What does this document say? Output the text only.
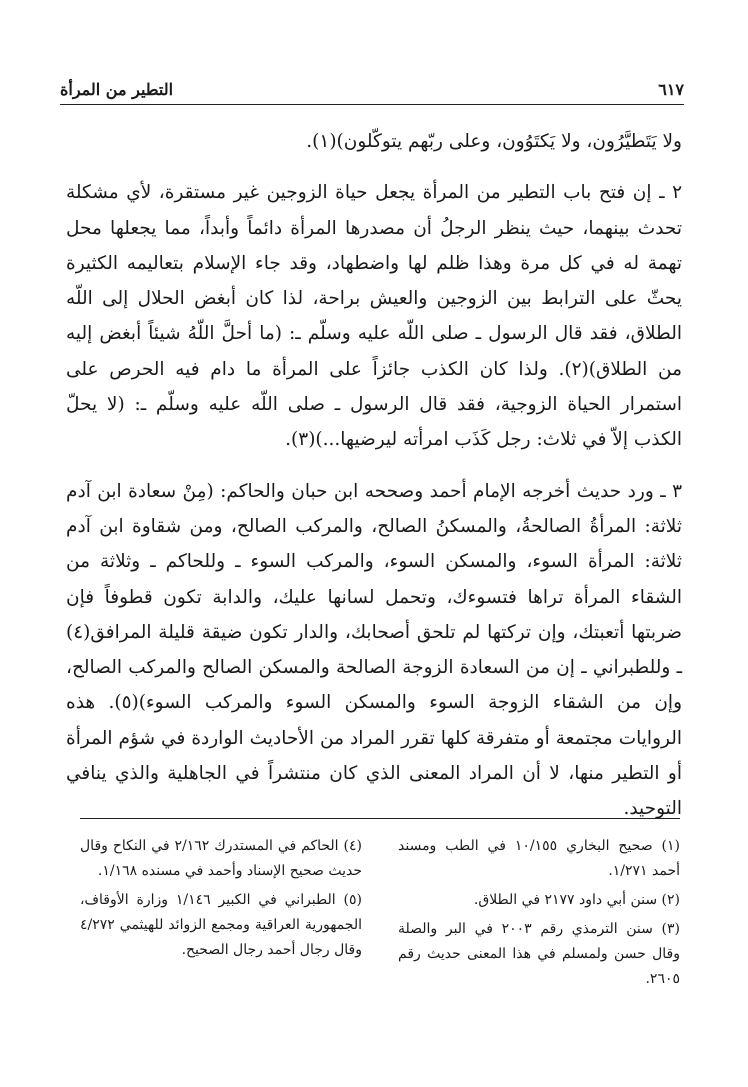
٦١٧
التطير من المرأة

ولا يَتَطيَّرُون، ولا يَكتَوُون، وعلى ربّهم يتوكّلون)(١).

٢ ـ إن فتح باب التطير من المرأة يجعل حياة الزوجين غير مستقرة، لأي مشكلة تحدث بينهما، حيث ينظر الرجلُ أن مصدرها المرأة دائماً وأبداً، مما يجعلها محل تهمة له في كل مرة وهذا ظلم لها واضطهاد، وقد جاء الإسلام بتعاليمه الكثيرة يحثّ على الترابط بين الزوجين والعيش براحة، لذا كان أبغض الحلال إلى اللّه الطلاق، فقد قال الرسول ـ صلى اللّه عليه وسلّم ـ: (ما أحلَّ اللّهُ شيئاً أبغض إليه من الطلاق)(٢). ولذا كان الكذب جائزاً على المرأة ما دام فيه الحرص على استمرار الحياة الزوجية، فقد قال الرسول ـ صلى اللّه عليه وسلّم ـ: (لا يحلّ الكذب إلاّ في ثلاث: رجل كَذَب امرأته ليرضيها...)(٣).

٣ ـ ورد حديث أخرجه الإمام أحمد وصححه ابن حبان والحاكم: (مِنْ سعادة ابن آدم ثلاثة: المرأةُ الصالحةُ، والمسكنُ الصالح، والمركب الصالح، ومن شقاوة ابن آدم ثلاثة: المرأة السوء، والمسكن السوء، والمركب السوء ـ وللحاكم ـ وثلاثة من الشقاء المرأة تراها فتسوءك، وتحمل لسانها عليك، والدابة تكون قطوفاً فإن ضربتها أتعبتك، وإن تركتها لم تلحق أصحابك، والدار تكون ضيقة قليلة المرافق(٤) ـ وللطبراني ـ إن من السعادة الزوجة الصالحة والمسكن الصالح والمركب الصالح، وإن من الشقاء الزوجة السوء والمسكن السوء والمركب السوء)(٥). هذه الروايات مجتمعة أو متفرقة كلها تقرر المراد من الأحاديث الواردة في شؤم المرأة أو التطير منها، لا أن المراد المعنى الذي كان منتشراً في الجاهلية والذي ينافي التوحيد.

(١) صحيح البخاري ١٠/١٥٥ في الطب ومسند أحمد ١/٢٧١.

(٢) سنن أبي داود ٢١٧٧ في الطلاق.

(٣) سنن الترمذي رقم ٢٠٠٣ في البر والصلة وقال حسن ولمسلم في هذا المعنى حديث رقم ٢٦٠٥.

(٤) الحاكم في المستدرك ٢/١٦٢ في النكاح وقال حديث صحيح الإسناد وأحمد في مسنده ١/١٦٨.

(٥) الطبراني في الكبير ١/١٤٦ وزارة الأوقاف، الجمهورية العراقية ومجمع الزوائد للهيثمي ٤/٢٧٢ وقال رجال أحمد رجال الصحيح.
